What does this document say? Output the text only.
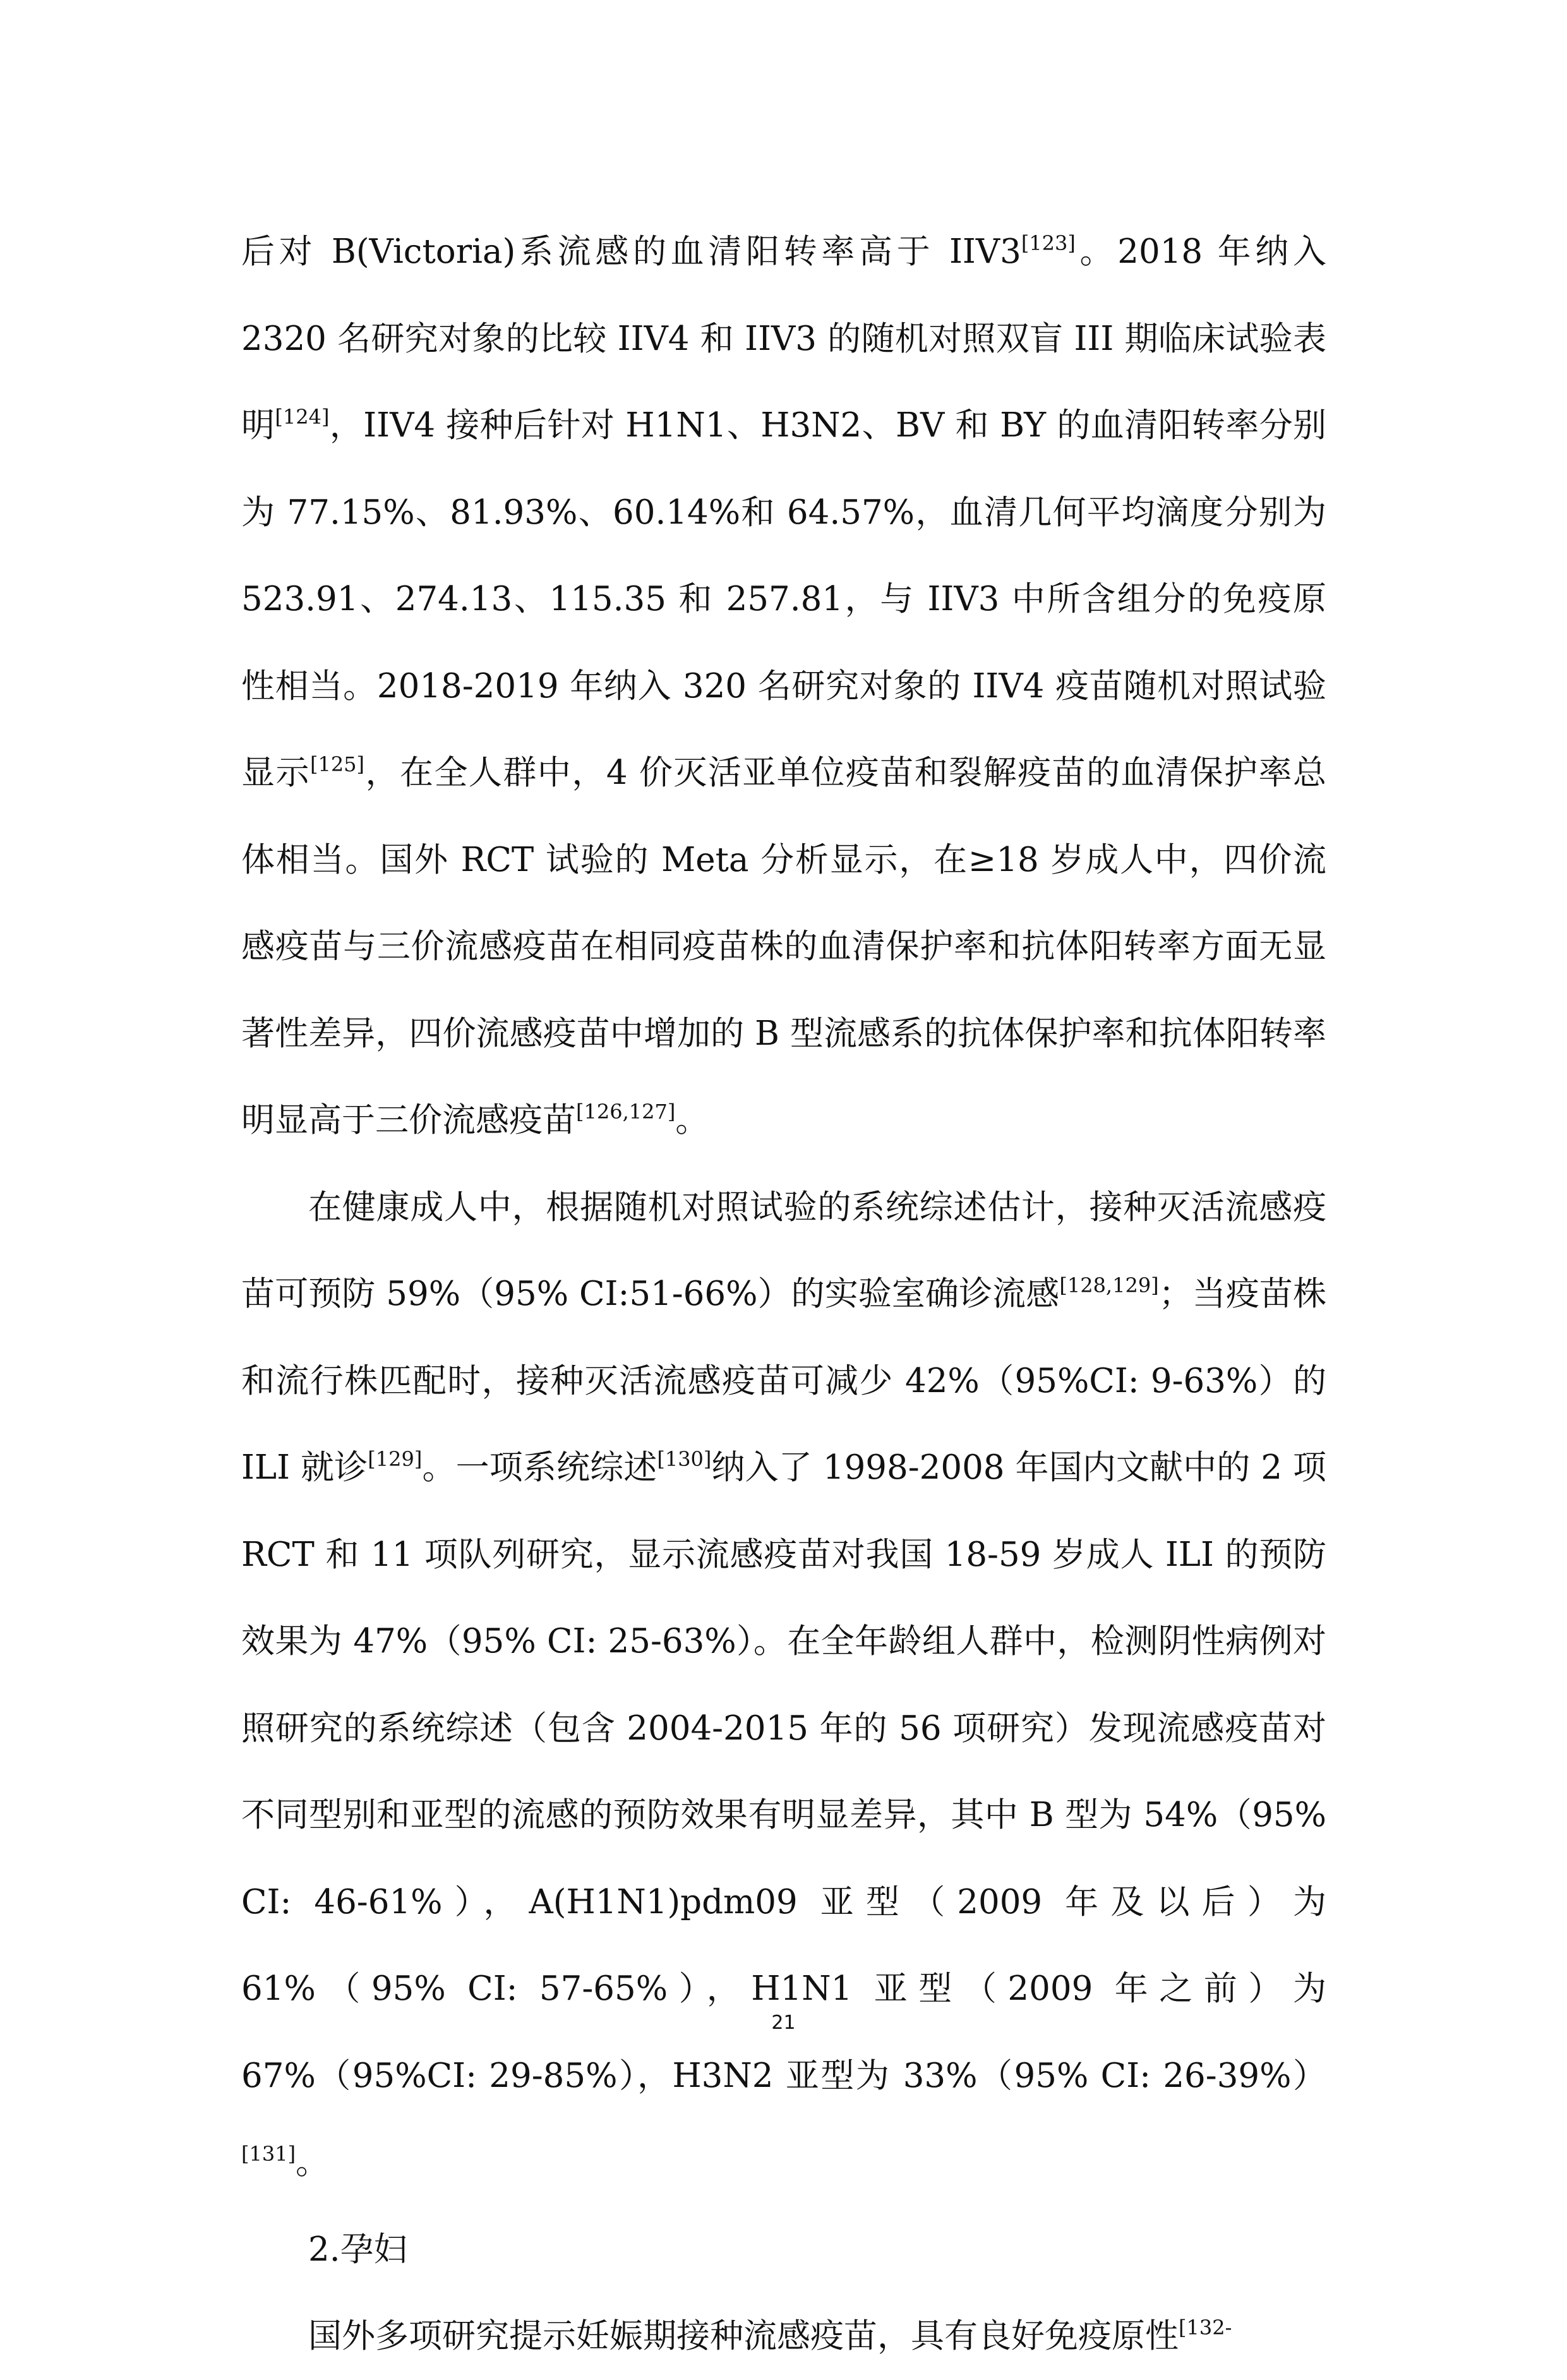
后对 B(Victoria)系流感的血清阳转率高于 IIV3[123]。2018 年纳入 2320 名研究对象的比较 IIV4 和 IIV3 的随机对照双盲 III 期临床试验表明[124]，IIV4 接种后针对 H1N1、H3N2、BV 和 BY 的血清阳转率分别为 77.15%、81.93%、60.14%和 64.57%，血清几何平均滴度分别为 523.91、274.13、115.35 和 257.81，与 IIV3 中所含组分的免疫原性相当。2018-2019 年纳入 320 名研究对象的 IIV4 疫苗随机对照试验显示[125]，在全人群中，4 价灭活亚单位疫苗和裂解疫苗的血清保护率总体相当。国外 RCT 试验的 Meta 分析显示，在≥18 岁成人中，四价流感疫苗与三价流感疫苗在相同疫苗株的血清保护率和抗体阳转率方面无显著性差异，四价流感疫苗中增加的 B 型流感系的抗体保护率和抗体阳转率明显高于三价流感疫苗[126,127]。

在健康成人中，根据随机对照试验的系统综述估计，接种灭活流感疫苗可预防 59%（95% CI:51-66%）的实验室确诊流感[128,129]；当疫苗株和流行株匹配时，接种灭活流感疫苗可减少 42%（95%CI: 9-63%）的 ILI 就诊[129]。一项系统综述[130]纳入了 1998-2008 年国内文献中的 2 项 RCT 和 11 项队列研究，显示流感疫苗对我国 18-59 岁成人 ILI 的预防效果为 47%（95% CI: 25-63%）。在全年龄组人群中，检测阴性病例对照研究的系统综述（包含 2004-2015 年的 56 项研究）发现流感疫苗对不同型别和亚型的流感的预防效果有明显差异，其中 B 型为 54%（95% CI: 46-61%），A(H1N1)pdm09 亚型（2009 年及以后）为 61%（95% CI: 57-65%），H1N1 亚型（2009 年之前）为 67%（95%CI: 29-85%），H3N2 亚型为 33%（95% CI: 26-39%）[131]。

2.孕妇

国外多项研究提示妊娠期接种流感疫苗，具有良好免疫原性$^{[132-}$

21
